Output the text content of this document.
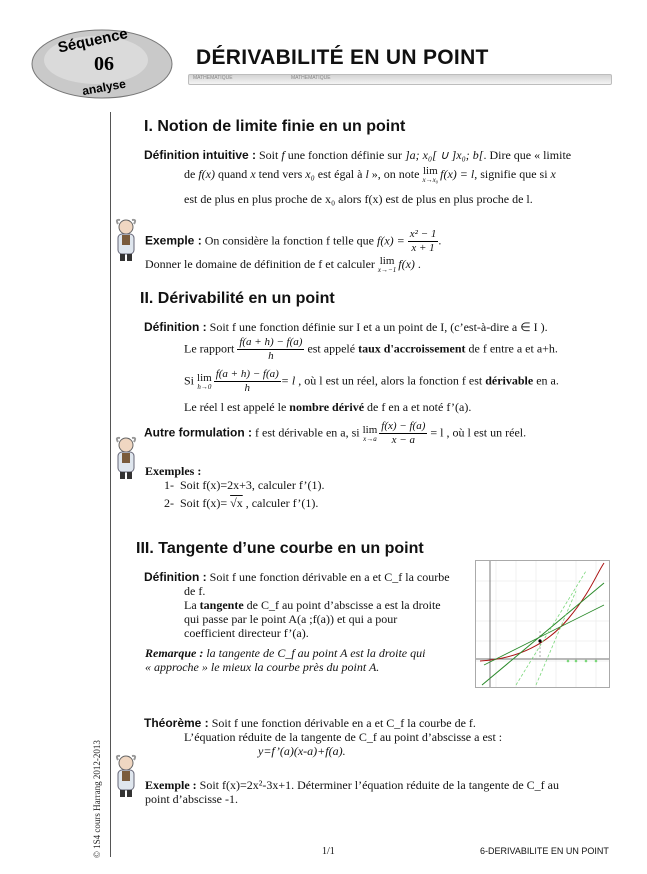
Séquence
06
analyse
DÉRIVABILITÉ EN UN POINT
MATHEMATIQUE	MATHEMATIQUE
© 1S4 cours Harrang 2012-2013
I. Notion de limite finie en un point
Définition intuitive : Soit f une fonction définie sur ]a; x₀[ ∪ ]x₀; b[. Dire que « limite
de f(x) quand x tend vers x₀ est égal à l », on note lim
x→x₀ f(x) = l, signifie que si x
est de plus en plus proche de x₀ alors f(x) est de plus en plus proche de l.
Exemple : On considère la fonction f telle que $f(x) = \frac{\text{x² − 1}}{x + 1}$ .
Donner le domaine de définition de f et calculer lim
x→−1 f(x) .
II. Dérivabilité en un point
Définition : Soit f une fonction définie sur I et a un point de I, (c’est-à-dire a ∈ I ).
Le rapport $\frac{f(a + h) - f(a)}{h}$ est appelé taux d'accroissement de f entre a et a+h.
Si lim
$h\to 0 \frac{f(a + h) - f(a)}{h} = l$ , où l est un réel, alors la fonction f est dérivable en a.
Le réel l est appelé le nombre dérivé de f en a et noté f’(a).
Autre formulation : f est dérivable en a, si lim
$x\to a \frac{f(x) - f(a)}{x - a} = l$ , où l est un réel.
Exemples :
1- Soit f(x)=2x+3, calculer f’(1).
2- Soit f(x)= √x , calculer f’(1).
III. Tangente d’une courbe en un point
Définition : Soit f une fonction dérivable en a et C_f la courbe
de f.
La tangente de C_f au point d’abscisse a est la droite
qui passe par le point A(a ;f(a)) et qui a pour
coefficient directeur f’(a).
Remarque : la tangente de C_f au point A est la droite qui
« approche » le mieux la courbe près du point A.
Théorème : Soit f une fonction dérivable en a et C_f la courbe de f.
L’équation réduite de la tangente de C_f au point d’abscisse a est :
y=f’(a)(x-a)+f(a).
Exemple : Soit f(x)=2x²-3x+1. Déterminer l’équation réduite de la tangente de C_f au
point d’abscisse -1.
1/1	6-DERIVABILITE EN UN POINT
